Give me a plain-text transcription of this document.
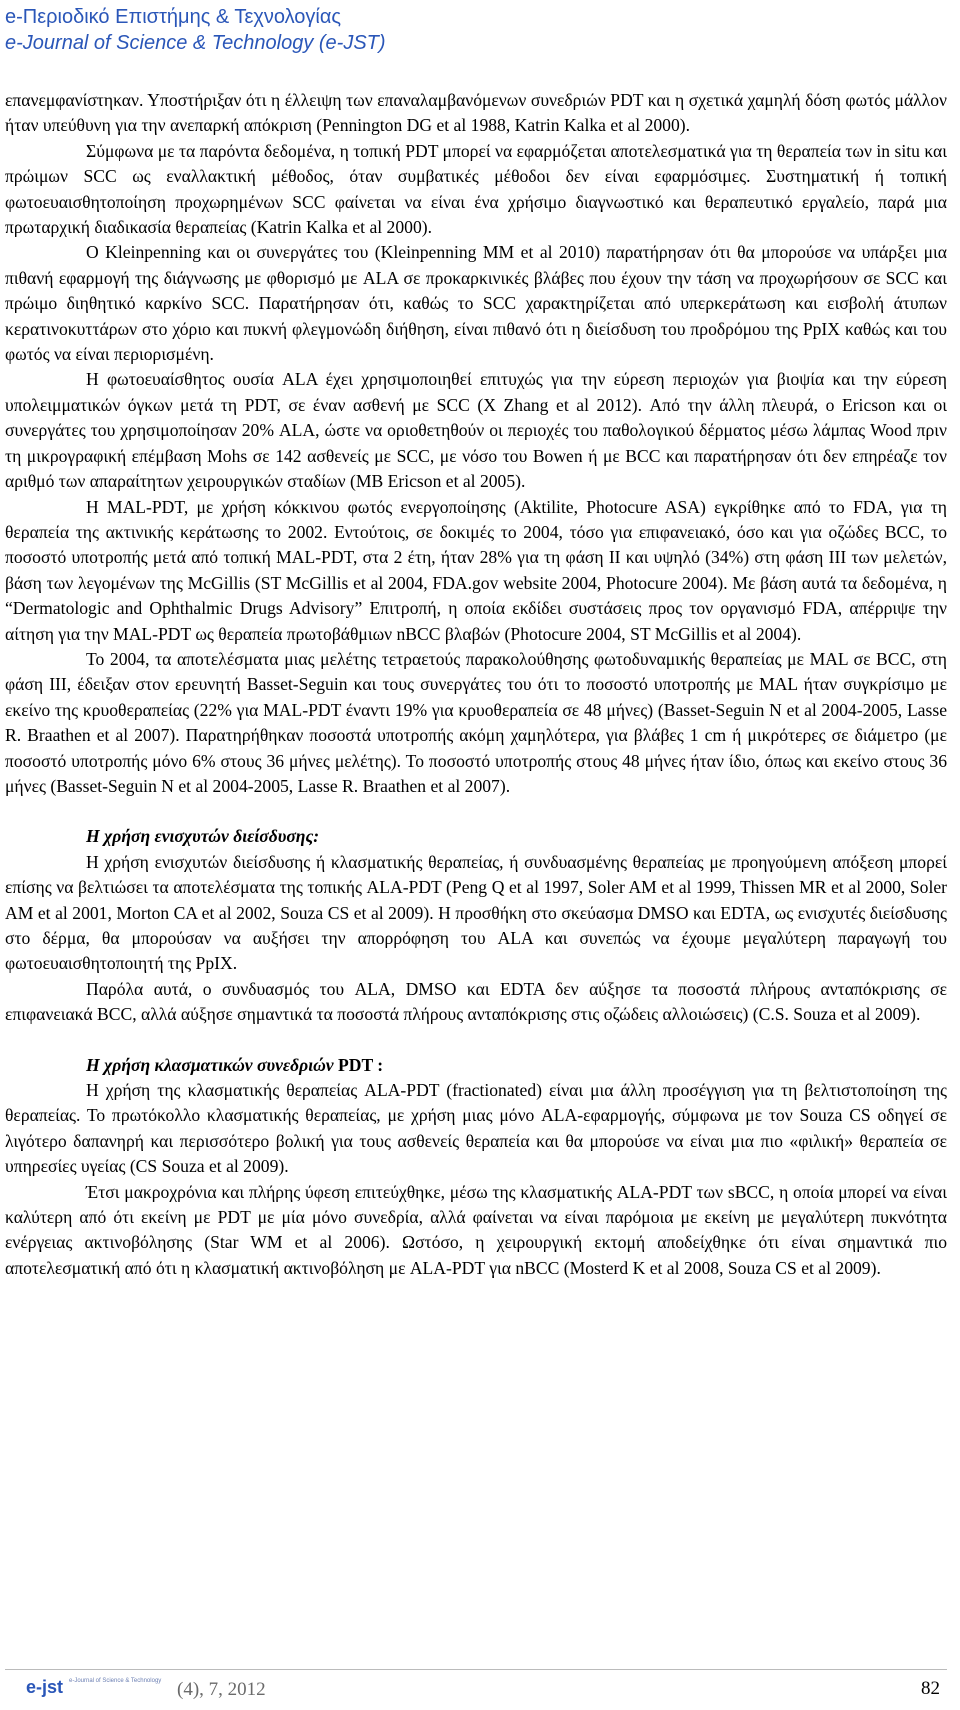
e-Περιοδικό Επιστήμης & Τεχνολογίας
e-Journal of Science & Technology (e-JST)

επανεμφανίστηκαν. Υποστήριξαν ότι η έλλειψη των επαναλαμβανόμενων συνεδριών PDT και η σχετικά χαμηλή δόση φωτός μάλλον ήταν υπεύθυνη για την ανεπαρκή απόκριση (Pennington DG et al 1988, Katrin Kalka et al 2000).

Σύμφωνα με τα παρόντα δεδομένα, η τοπική PDT μπορεί να εφαρμόζεται αποτελεσματικά για τη θεραπεία των in situ και πρώιμων SCC ως εναλλακτική μέθοδος, όταν συμβατικές μέθοδοι δεν είναι εφαρμόσιμες. Συστηματική ή τοπική φωτοευαισθητοποίηση προχωρημένων SCC φαίνεται να είναι ένα χρήσιμο διαγνωστικό και θεραπευτικό εργαλείο, παρά μια πρωταρχική διαδικασία θεραπείας (Katrin Kalka et al 2000).

Ο Kleinpenning και οι συνεργάτες του (Kleinpenning MM et al 2010) παρατήρησαν ότι θα μπορούσε να υπάρξει μια πιθανή εφαρμογή της διάγνωσης με φθορισμό με ALA σε προκαρκινικές βλάβες που έχουν την τάση να προχωρήσουν σε SCC και πρώιμο διηθητικό καρκίνο SCC. Παρατήρησαν ότι, καθώς το SCC χαρακτηρίζεται από υπερκεράτωση και εισβολή άτυπων κερατινοκυττάρων στο χόριο και πυκνή φλεγμονώδη διήθηση, είναι πιθανό ότι η διείσδυση του προδρόμου της PpIX καθώς και του φωτός να είναι περιορισμένη.

Η φωτοευαίσθητος ουσία ALA έχει χρησιμοποιηθεί επιτυχώς για την εύρεση περιοχών για βιοψία και την εύρεση υπολειμματικών όγκων μετά τη PDT, σε έναν ασθενή με SCC (X Zhang et al 2012). Από την άλλη πλευρά, ο Ericson και οι συνεργάτες του χρησιμοποίησαν 20% ALA, ώστε να οριοθετηθούν οι περιοχές του παθολογικού δέρματος μέσω λάμπας Wood πριν τη μικρογραφική επέμβαση Mohs σε 142 ασθενείς με SCC, με νόσο του Bowen ή με BCC και παρατήρησαν ότι δεν επηρέαζε τον αριθμό των απαραίτητων χειρουργικών σταδίων (MB Ericson et al 2005).

Η MAL-PDT, με χρήση κόκκινου φωτός ενεργοποίησης (Aktilite, Photocure ASA) εγκρίθηκε από το FDA, για τη θεραπεία της ακτινικής κεράτωσης το 2002. Εντούτοις, σε δοκιμές το 2004, τόσο για επιφανειακό, όσο και για οζώδες BCC, το ποσοστό υποτροπής μετά από τοπική MAL-PDT, στα 2 έτη, ήταν 28% για τη φάση ΙΙ και υψηλό (34%) στη φάση ΙΙΙ των μελετών, βάση των λεγομένων της McGillis (ST McGillis et al 2004, FDA.gov website 2004, Photocure 2004). Με βάση αυτά τα δεδομένα, η “Dermatologic and Ophthalmic Drugs Advisory” Επιτροπή, η οποία εκδίδει συστάσεις προς τον οργανισμό FDA, απέρριψε την αίτηση για την MAL-PDT ως θεραπεία πρωτοβάθμιων nBCC βλαβών (Photocure 2004, ST McGillis et al 2004).

Το 2004, τα αποτελέσματα μιας μελέτης τετραετούς παρακολούθησης φωτοδυναμικής θεραπείας με MAL σε BCC, στη φάση ΙΙΙ, έδειξαν στον ερευνητή Basset-Seguin και τους συνεργάτες του ότι το ποσοστό υποτροπής με MAL ήταν συγκρίσιμο με εκείνο της κρυοθεραπείας (22% για MAL-PDT έναντι 19% για κρυοθεραπεία σε 48 μήνες) (Basset-Seguin N et al 2004-2005, Lasse R. Braathen et al 2007). Παρατηρήθηκαν ποσοστά υποτροπής ακόμη χαμηλότερα, για βλάβες 1 cm ή μικρότερες σε διάμετρο (με ποσοστό υποτροπής μόνο 6% στους 36 μήνες μελέτης). Το ποσοστό υποτροπής στους 48 μήνες ήταν ίδιο, όπως και εκείνο στους 36 μήνες (Basset-Seguin N et al 2004-2005, Lasse R. Braathen et al 2007).

Η χρήση ενισχυτών διείσδυσης:

Η χρήση ενισχυτών διείσδυσης ή κλασματικής θεραπείας, ή συνδυασμένης θεραπείας με προηγούμενη απόξεση μπορεί επίσης να βελτιώσει τα αποτελέσματα της τοπικής ALA-PDT (Peng Q et al 1997, Soler AM et al 1999, Thissen MR et al 2000, Soler AM et al 2001, Morton CA et al 2002, Souza CS et al 2009). Η προσθήκη στο σκεύασμα DMSO και EDTA, ως ενισχυτές διείσδυσης στο δέρμα, θα μπορούσαν να αυξήσει την απορρόφηση του ALA και συνεπώς να έχουμε μεγαλύτερη παραγωγή του φωτοευαισθητοποιητή της PpIX.

Παρόλα αυτά, ο συνδυασμός του ALA, DMSO και EDTA δεν αύξησε τα ποσοστά πλήρους ανταπόκρισης σε επιφανειακά BCC, αλλά αύξησε σημαντικά τα ποσοστά πλήρους ανταπόκρισης στις οζώδεις αλλοιώσεις) (C.S. Souza et al 2009).

Η χρήση κλασματικών συνεδριών PDT :

Η χρήση της κλασματικής θεραπείας ALA-PDT (fractionated) είναι μια άλλη προσέγγιση για τη βελτιστοποίηση της θεραπείας. Το πρωτόκολλο κλασματικής θεραπείας, με χρήση μιας μόνο ALA-εφαρμογής, σύμφωνα με τον Souza CS οδηγεί σε λιγότερο δαπανηρή και περισσότερο βολική για τους ασθενείς θεραπεία και θα μπορούσε να είναι μια πιο «φιλική» θεραπεία σε υπηρεσίες υγείας (CS Souza et al 2009).

Έτσι μακροχρόνια και πλήρης ύφεση επιτεύχθηκε, μέσω της κλασματικής ALA-PDT των sBCC, η οποία μπορεί να είναι καλύτερη από ότι εκείνη με PDT με μία μόνο συνεδρία, αλλά φαίνεται να είναι παρόμοια με εκείνη με μεγαλύτερη πυκνότητα ενέργειας ακτινοβόλησης (Star WM et al 2006). Ωστόσο, η χειρουργική εκτομή αποδείχθηκε ότι είναι σημαντικά πιο αποτελεσματική από ότι η κλασματική ακτινοβόληση με ALA-PDT για nBCC (Mosterd K et al 2008, Souza CS et al 2009).

e-jst e-Journal of Science & Technology (4), 7, 2012	82
